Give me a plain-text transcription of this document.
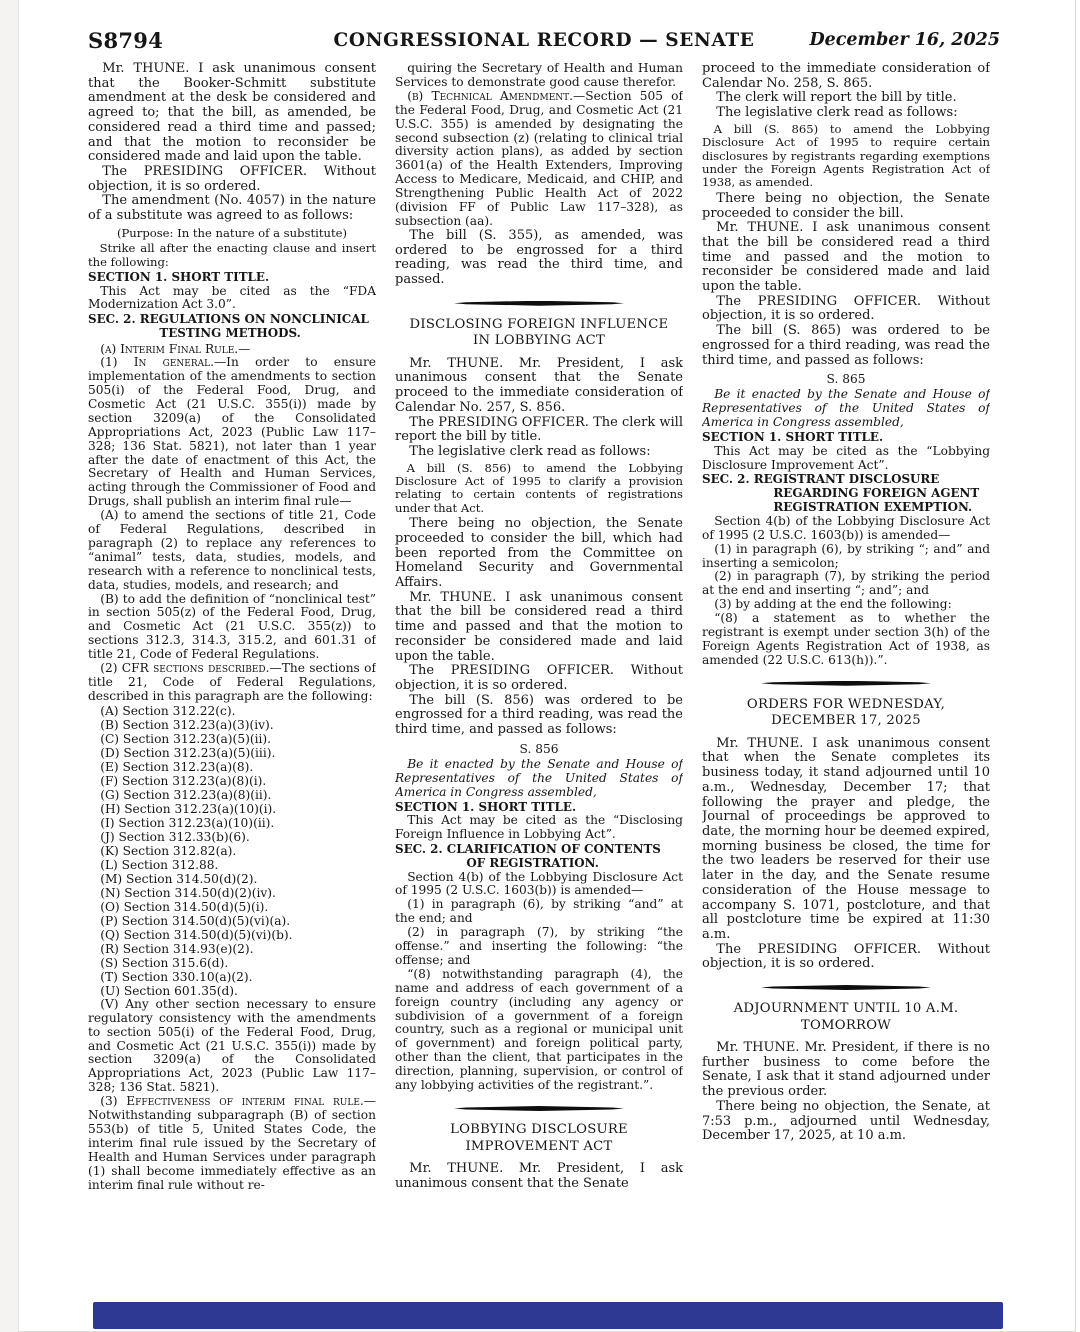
S8794	CONGRESSIONAL RECORD — SENATE	December 16, 2025

Mr. THUNE. I ask unanimous consent that the Booker-Schmitt substitute amendment at the desk be considered and agreed to; that the bill, as amended, be considered read a third time and passed; and that the motion to reconsider be considered made and laid upon the table.

The PRESIDING OFFICER. Without objection, it is so ordered.

The amendment (No. 4057) in the nature of a substitute was agreed to as follows:

(Purpose: In the nature of a substitute)

Strike all after the enacting clause and insert the following:

SECTION 1. SHORT TITLE.

This Act may be cited as the “FDA Modernization Act 3.0”.

SEC. 2. REGULATIONS ON NONCLINICAL TESTING METHODS.

(a) Interim Final Rule.—

(1) In general.—In order to ensure implementation of the amendments to section 505(i) of the Federal Food, Drug, and Cosmetic Act (21 U.S.C. 355(i)) made by section 3209(a) of the Consolidated Appropriations Act, 2023 (Public Law 117–328; 136 Stat. 5821), not later than 1 year after the date of enactment of this Act, the Secretary of Health and Human Services, acting through the Commissioner of Food and Drugs, shall publish an interim final rule—

(A) to amend the sections of title 21, Code of Federal Regulations, described in paragraph (2) to replace any references to “animal” tests, data, studies, models, and research with a reference to nonclinical tests, data, studies, models, and research; and

(B) to add the definition of “nonclinical test” in section 505(z) of the Federal Food, Drug, and Cosmetic Act (21 U.S.C. 355(z)) to sections 312.3, 314.3, 315.2, and 601.31 of title 21, Code of Federal Regulations.

(2) CFR sections described.—The sections of title 21, Code of Federal Regulations, described in this paragraph are the following:

(A) Section 312.22(c).

(B) Section 312.23(a)(3)(iv).

(C) Section 312.23(a)(5)(ii).

(D) Section 312.23(a)(5)(iii).

(E) Section 312.23(a)(8).

(F) Section 312.23(a)(8)(i).

(G) Section 312.23(a)(8)(ii).

(H) Section 312.23(a)(10)(i).

(I) Section 312.23(a)(10)(ii).

(J) Section 312.33(b)(6).

(K) Section 312.82(a).

(L) Section 312.88.

(M) Section 314.50(d)(2).

(N) Section 314.50(d)(2)(iv).

(O) Section 314.50(d)(5)(i).

(P) Section 314.50(d)(5)(vi)(a).

(Q) Section 314.50(d)(5)(vi)(b).

(R) Section 314.93(e)(2).

(S) Section 315.6(d).

(T) Section 330.10(a)(2).

(U) Section 601.35(d).

(V) Any other section necessary to ensure regulatory consistency with the amendments to section 505(i) of the Federal Food, Drug, and Cosmetic Act (21 U.S.C. 355(i)) made by section 3209(a) of the Consolidated Appropriations Act, 2023 (Public Law 117–328; 136 Stat. 5821).

(3) Effectiveness of interim final rule.—Notwithstanding subparagraph (B) of section 553(b) of title 5, United States Code, the interim final rule issued by the Secretary of Health and Human Services under paragraph (1) shall become immediately effective as an interim final rule without re-

quiring the Secretary of Health and Human Services to demonstrate good cause therefor.

(b) Technical Amendment.—Section 505 of the Federal Food, Drug, and Cosmetic Act (21 U.S.C. 355) is amended by designating the second subsection (z) (relating to clinical trial diversity action plans), as added by section 3601(a) of the Health Extenders, Improving Access to Medicare, Medicaid, and CHIP, and Strengthening Public Health Act of 2022 (division FF of Public Law 117–328), as subsection (aa).

The bill (S. 355), as amended, was ordered to be engrossed for a third reading, was read the third time, and passed.

DISCLOSING FOREIGN INFLUENCE IN LOBBYING ACT

Mr. THUNE. Mr. President, I ask unanimous consent that the Senate proceed to the immediate consideration of Calendar No. 257, S. 856.

The PRESIDING OFFICER. The clerk will report the bill by title.

The legislative clerk read as follows:

A bill (S. 856) to amend the Lobbying Disclosure Act of 1995 to clarify a provision relating to certain contents of registrations under that Act.

There being no objection, the Senate proceeded to consider the bill, which had been reported from the Committee on Homeland Security and Governmental Affairs.

Mr. THUNE. I ask unanimous consent that the bill be considered read a third time and passed and that the motion to reconsider be considered made and laid upon the table.

The PRESIDING OFFICER. Without objection, it is so ordered.

The bill (S. 856) was ordered to be engrossed for a third reading, was read the third time, and passed as follows:

S. 856

Be it enacted by the Senate and House of Representatives of the United States of America in Congress assembled,

SECTION 1. SHORT TITLE.

This Act may be cited as the “Disclosing Foreign Influence in Lobbying Act”.

SEC. 2. CLARIFICATION OF CONTENTS OF REGISTRATION.

Section 4(b) of the Lobbying Disclosure Act of 1995 (2 U.S.C. 1603(b)) is amended—

(1) in paragraph (6), by striking “and” at the end; and

(2) in paragraph (7), by striking “the offense.” and inserting the following: “the offense; and

“(8) notwithstanding paragraph (4), the name and address of each government of a foreign country (including any agency or subdivision of a government of a foreign country, such as a regional or municipal unit of government) and foreign political party, other than the client, that participates in the direction, planning, supervision, or control of any lobbying activities of the registrant.”.

LOBBYING DISCLOSURE IMPROVEMENT ACT

Mr. THUNE. Mr. President, I ask unanimous consent that the Senate

proceed to the immediate consideration of Calendar No. 258, S. 865.

The clerk will report the bill by title.

The legislative clerk read as follows:

A bill (S. 865) to amend the Lobbying Disclosure Act of 1995 to require certain disclosures by registrants regarding exemptions under the Foreign Agents Registration Act of 1938, as amended.

There being no objection, the Senate proceeded to consider the bill.

Mr. THUNE. I ask unanimous consent that the bill be considered read a third time and passed and the motion to reconsider be considered made and laid upon the table.

The PRESIDING OFFICER. Without objection, it is so ordered.

The bill (S. 865) was ordered to be engrossed for a third reading, was read the third time, and passed as follows:

S. 865

Be it enacted by the Senate and House of Representatives of the United States of America in Congress assembled,

SECTION 1. SHORT TITLE.

This Act may be cited as the “Lobbying Disclosure Improvement Act”.

SEC. 2. REGISTRANT DISCLOSURE REGARDING FOREIGN AGENT REGISTRATION EXEMPTION.

Section 4(b) of the Lobbying Disclosure Act of 1995 (2 U.S.C. 1603(b)) is amended—

(1) in paragraph (6), by striking “; and” and inserting a semicolon;

(2) in paragraph (7), by striking the period at the end and inserting “; and”; and

(3) by adding at the end the following:

“(8) a statement as to whether the registrant is exempt under section 3(h) of the Foreign Agents Registration Act of 1938, as amended (22 U.S.C. 613(h)).”.

ORDERS FOR WEDNESDAY, DECEMBER 17, 2025

Mr. THUNE. I ask unanimous consent that when the Senate completes its business today, it stand adjourned until 10 a.m., Wednesday, December 17; that following the prayer and pledge, the Journal of proceedings be approved to date, the morning hour be deemed expired, morning business be closed, the time for the two leaders be reserved for their use later in the day, and the Senate resume consideration of the House message to accompany S. 1071, postcloture, and that all postcloture time be expired at 11:30 a.m.

The PRESIDING OFFICER. Without objection, it is so ordered.

ADJOURNMENT UNTIL 10 A.M. TOMORROW

Mr. THUNE. Mr. President, if there is no further business to come before the Senate, I ask that it stand adjourned under the previous order.

There being no objection, the Senate, at 7:53 p.m., adjourned until Wednesday, December 17, 2025, at 10 a.m.
